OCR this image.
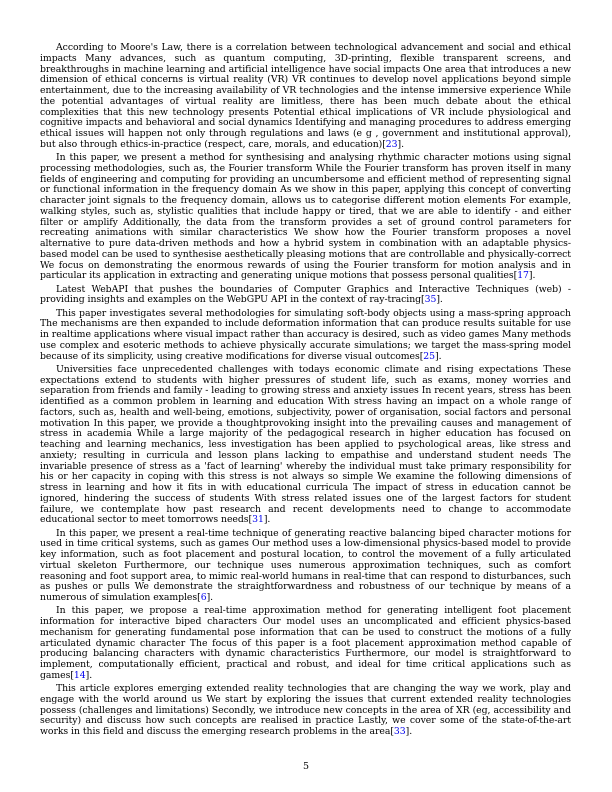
According to Moore's Law, there is a correlation between technological advancement and social and ethical impacts Many advances, such as quantum computing, 3D-printing, flexible transparent screens, and breakthroughs in machine learning and artificial intelligence have social impacts One area that introduces a new dimension of ethical concerns is virtual reality (VR) VR continues to develop novel applications beyond simple entertainment, due to the increasing availability of VR technologies and the intense immersive experience While the potential advantages of virtual reality are limitless, there has been much debate about the ethical complexities that this new technology presents Potential ethical implications of VR include physiological and cognitive impacts and behavioral and social dynamics Identifying and managing procedures to address emerging ethical issues will happen not only through regulations and laws (e g , government and institutional approval), but also through ethics-in-practice (respect, care, morals, and education)[23].

In this paper, we present a method for synthesising and analysing rhythmic character motions using signal processing methodologies, such as, the Fourier transform While the Fourier transform has proven itself in many fields of engineering and computing for providing an uncumbersome and efficient method of representing signal or functional information in the frequency domain As we show in this paper, applying this concept of converting character joint signals to the frequency domain, allows us to categorise different motion elements For example, walking styles, such as, stylistic qualities that include happy or tired, that we are able to identify - and either filter or amplify Additionally, the data from the transform provides a set of ground control parameters for recreating animations with similar characteristics We show how the Fourier transform proposes a novel alternative to pure data-driven methods and how a hybrid system in combination with an adaptable physics-based model can be used to synthesise aesthetically pleasing motions that are controllable and physically-correct We focus on demonstrating the enormous rewards of using the Fourier transform for motion analysis and in particular its application in extracting and generating unique motions that possess personal qualities[17].

Latest WebAPI that pushes the boundaries of Computer Graphics and Interactive Techniques (web) - providing insights and examples on the WebGPU API in the context of ray-tracing[35].

This paper investigates several methodologies for simulating soft-body objects using a mass-spring approach The mechanisms are then expanded to include deformation information that can produce results suitable for use in realtime applications where visual impact rather than accuracy is desired, such as video games Many methods use complex and esoteric methods to achieve physically accurate simulations; we target the mass-spring model because of its simplicity, using creative modifications for diverse visual outcomes[25].

Universities face unprecedented challenges with todays economic climate and rising expectations These expectations extend to students with higher pressures of student life, such as exams, money worries and separation from friends and family - leading to growing stress and anxiety issues In recent years, stress has been identified as a common problem in learning and education With stress having an impact on a whole range of factors, such as, health and well-being, emotions, subjectivity, power of organisation, social factors and personal motivation In this paper, we provide a thoughtprovoking insight into the prevailing causes and management of stress in academia While a large majority of the pedagogical research in higher education has focused on teaching and learning mechanics, less investigation has been applied to psychological areas, like stress and anxiety; resulting in curricula and lesson plans lacking to empathise and understand student needs The invariable presence of stress as a 'fact of learning' whereby the individual must take primary responsibility for his or her capacity in coping with this stress is not always so simple We examine the following dimensions of stress in learning and how it fits in with educational curricula The impact of stress in education cannot be ignored, hindering the success of students With stress related issues one of the largest factors for student failure, we contemplate how past research and recent developments need to change to accommodate educational sector to meet tomorrows needs[31].

In this paper, we present a real-time technique of generating reactive balancing biped character motions for used in time critical systems, such as games Our method uses a low-dimensional physics-based model to provide key information, such as foot placement and postural location, to control the movement of a fully articulated virtual skeleton Furthermore, our technique uses numerous approximation techniques, such as comfort reasoning and foot support area, to mimic real-world humans in real-time that can respond to disturbances, such as pushes or pulls We demonstrate the straightforwardness and robustness of our technique by means of a numerous of simulation examples[6].

In this paper, we propose a real-time approximation method for generating intelligent foot placement information for interactive biped characters Our model uses an uncomplicated and efficient physics-based mechanism for generating fundamental pose information that can be used to construct the motions of a fully articulated dynamic character The focus of this paper is a foot placement approximation method capable of producing balancing characters with dynamic characteristics Furthermore, our model is straightforward to implement, computationally efficient, practical and robust, and ideal for time critical applications such as games[14].

This article explores emerging extended reality technologies that are changing the way we work, play and engage with the world around us We start by exploring the issues that current extended reality technologies possess (challenges and limitations) Secondly, we introduce new concepts in the area of XR (eg, accessibility and security) and discuss how such concepts are realised in practice Lastly, we cover some of the state-of-the-art works in this field and discuss the emerging research problems in the area[33].

5
